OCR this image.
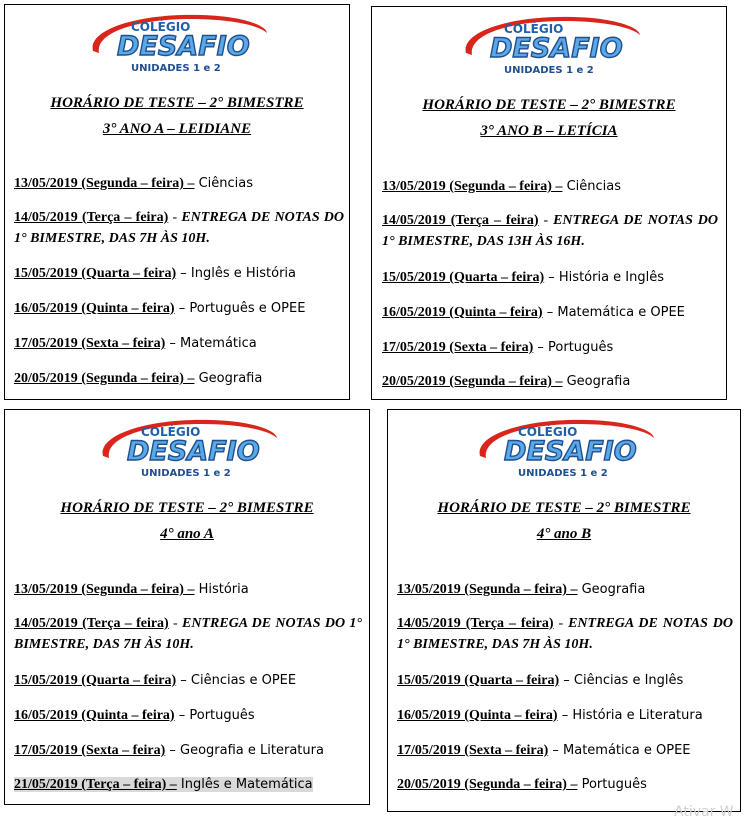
COLÉGIO
DESAFIO
UNIDADES 1 e 2
HORÁRIO DE TESTE – 2° BIMESTRE
3° ANO A – LEIDIANE
13/05/2019 (Segunda – feira) – Ciências
14/05/2019 (Terça – feira) - ENTREGA DE NOTAS DO 1° BIMESTRE, DAS 7H ÀS 10H.
15/05/2019 (Quarta – feira) – Inglês e História
16/05/2019 (Quinta – feira) – Português e OPEE
17/05/2019 (Sexta – feira) – Matemática
20/05/2019 (Segunda – feira) – Geografia
COLÉGIO
DESAFIO
UNIDADES 1 e 2
HORÁRIO DE TESTE – 2° BIMESTRE
3° ANO B – LETÍCIA
13/05/2019 (Segunda – feira) – Ciências
14/05/2019 (Terça – feira) - ENTREGA DE NOTAS DO 1° BIMESTRE, DAS 13H ÀS 16H.
15/05/2019 (Quarta – feira) – História e Inglês
16/05/2019 (Quinta – feira) – Matemática e OPEE
17/05/2019 (Sexta – feira) – Português
20/05/2019 (Segunda – feira) – Geografia
COLÉGIO
DESAFIO
UNIDADES 1 e 2
HORÁRIO DE TESTE – 2° BIMESTRE
4° ano A
13/05/2019 (Segunda – feira) – História
14/05/2019 (Terça – feira) - ENTREGA DE NOTAS DO 1° BIMESTRE, DAS 7H ÀS 10H.
15/05/2019 (Quarta – feira) – Ciências e OPEE
16/05/2019 (Quinta – feira) – Português
17/05/2019 (Sexta – feira) – Geografia e Literatura
21/05/2019 (Terça – feira) – Inglês e Matemática
COLÉGIO
DESAFIO
UNIDADES 1 e 2
HORÁRIO DE TESTE – 2° BIMESTRE
4° ano B
13/05/2019 (Segunda – feira) – Geografia
14/05/2019 (Terça – feira) - ENTREGA DE NOTAS DO 1° BIMESTRE, DAS 7H ÀS 10H.
15/05/2019 (Quarta – feira) – Ciências e Inglês
16/05/2019 (Quinta – feira) – História e Literatura
17/05/2019 (Sexta – feira) – Matemática e OPEE
20/05/2019 (Segunda – feira) – Português
Ativar W
